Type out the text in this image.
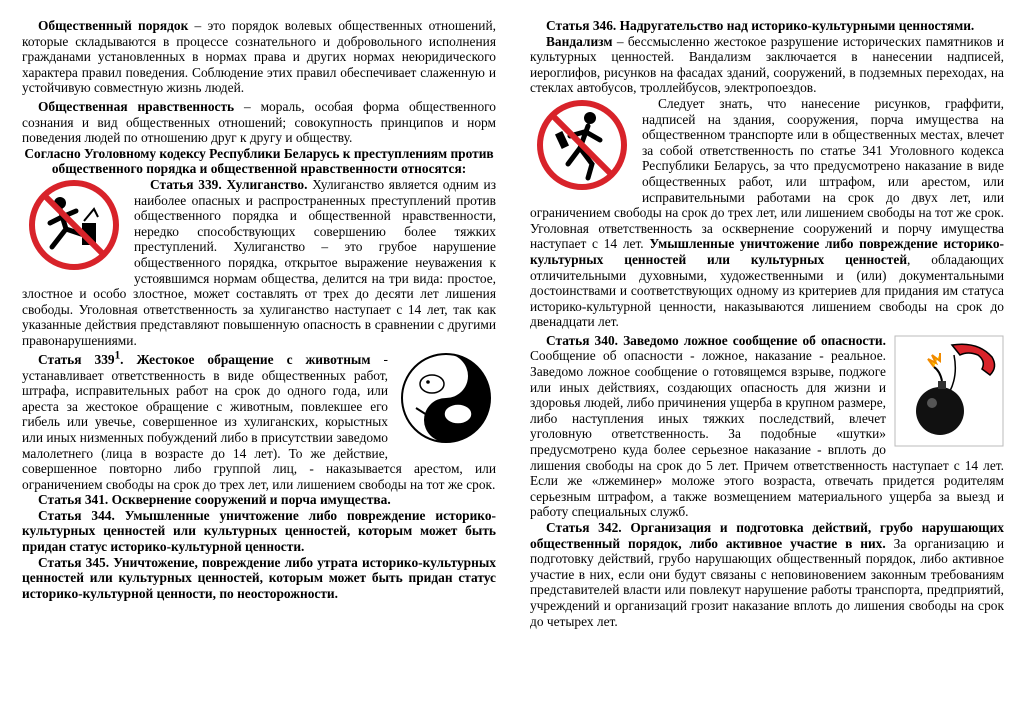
Общественный порядок – это порядок волевых общественных отношений, которые складываются в процессе сознательного и добровольного исполнения гражданами установленных в нормах права и других нормах неюридического характера правил поведения. Соблюдение этих правил обеспечивает слаженную и устойчивую совместную жизнь людей.

Общественная нравственность – мораль, особая форма общественного сознания и вид общественных отношений; совокупность принципов и норм поведения людей по отношению друг к другу и обществу.

Согласно Уголовному кодексу Республики Беларусь к преступлениям против общественного порядка и общественной нравственности относятся:

Статья 339. Хулиганство. Хулиганство является одним из наиболее опасных и распространенных преступлений против общественного порядка и общественной нравственности, нередко способствующих совершению более тяжких преступлений. Хулиганство – это грубое нарушение общественного порядка, открытое выражение неуважения к устоявшимся нормам общества, делится на три вида: простое, злостное и особо злостное, может составлять от трех до десяти лет лишения свободы. Уголовная ответственность за хулиганство наступает с 14 лет, так как указанные действия представляют повышенную опасность в сравнении с другими правонарушениями.

Статья $339^1$. Жестокое обращение с животным - устанавливает ответственность в виде общественных работ, штрафа, исправительных работ на срок до одного года, или ареста за жестокое обращение с животным, повлекшее его гибель или увечье, совершенное из хулиганских, корыстных или иных низменных побуждений либо в присутствии заведомо малолетнего (лица в возрасте до 14 лет). То же действие, совершенное повторно либо группой лиц, - наказывается арестом, или ограничением свободы на срок до трех лет, или лишением свободы на тот же срок.

Статья 341. Осквернение сооружений и порча имущества.

Статья 344. Умышленные уничтожение либо повреждение историко-культурных ценностей или культурных ценностей, которым может быть придан статус историко-культурной ценности.

Статья 345. Уничтожение, повреждение либо утрата историко-культурных ценностей или культурных ценностей, которым может быть придан статус историко-культурной ценности, по неосторожности.

Статья 346. Надругательство над историко-культурными ценностями.

Вандализм – бессмысленно жестокое разрушение исторических памятников и культурных ценностей. Вандализм заключается в нанесении надписей, иероглифов, рисунков на фасадах зданий, сооружений, в подземных переходах, на стеклах автобусов, троллейбусов, электропоездов.

Следует знать, что нанесение рисунков, граффити, надписей на здания, сооружения, порча имущества на общественном транспорте или в общественных местах, влечет за собой ответственность по статье 341 Уголовного кодекса Республики Беларусь, за что предусмотрено наказание в виде общественных работ, или штрафом, или арестом, или исправительными работами на срок до двух лет, или ограничением свободы на срок до трех лет, или лишением свободы на тот же срок. Уголовная ответственность за осквернение сооружений и порчу имущества наступает с 14 лет. Умышленные уничтожение либо повреждение историко-культурных ценностей или культурных ценностей, обладающих отличительными духовными, художественными и (или) документальными достоинствами и соответствующих одному из критериев для придания им статуса историко-культурной ценности, наказываются лишением свободы на срок до двенадцати лет.

Статья 340. Заведомо ложное сообщение об опасности. Сообщение об опасности - ложное, наказание - реальное. Заведомо ложное сообщение о готовящемся взрыве, поджоге или иных действиях, создающих опасность для жизни и здоровья людей, либо причинения ущерба в крупном размере, либо наступления иных тяжких последствий, влечет уголовную ответственность. За подобные «шутки» предусмотрено куда более серьезное наказание - вплоть до лишения свободы на срок до 5 лет. Причем ответственность наступает с 14 лет. Если же «лжеминер» моложе этого возраста, отвечать придется родителям серьезным штрафом, а также возмещением материального ущерба за выезд и работу специальных служб.

Статья 342. Организация и подготовка действий, грубо нарушающих общественный порядок, либо активное участие в них. За организацию и подготовку действий, грубо нарушающих общественный порядок, либо активное участие в них, если они будут связаны с неповиновением законным требованиям представителей власти или повлекут нарушение работы транспорта, предприятий, учреждений и организаций грозит наказание вплоть до лишения свободы на срок до четырех лет.
